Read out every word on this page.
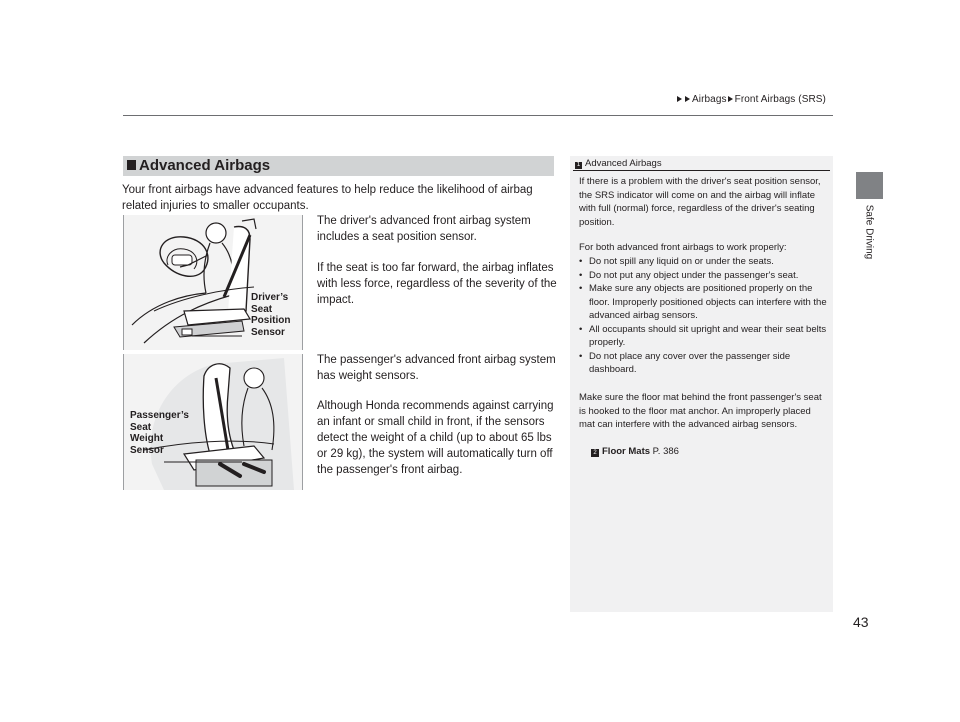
Airbags Front Airbags (SRS)
Safe Driving
Advanced Airbags

Your front airbags have advanced features to help reduce the likelihood of airbag related injuries to smaller occupants.

The driver's advanced front airbag system includes a seat position sensor.

If the seat is too far forward, the airbag inflates with less force, regardless of the severity of the impact.

The passenger's advanced front airbag system has weight sensors.

Although Honda recommends against carrying an infant or small child in front, if the sensors detect the weight of a child (up to about 65 lbs or 29 kg), the system will automatically turn off the passenger's front airbag.

Driver’s
Seat
Position
Sensor
Passenger’s
Seat
Weight
Sensor
1 Advanced Airbags

If there is a problem with the driver's seat position sensor, the SRS indicator will come on and the airbag will inflate with full (normal) force, regardless of the driver's seating position.

For both advanced front airbags to work properly:

• Do not spill any liquid on or under the seats.
• Do not put any object under the passenger's seat.
• Make sure any objects are positioned properly on the floor. Improperly positioned objects can interfere with the advanced airbag sensors.
• All occupants should sit upright and wear their seat belts properly.
• Do not place any cover over the passenger side dashboard.

Make sure the floor mat behind the front passenger's seat is hooked to the floor mat anchor. An improperly placed mat can interfere with the advanced airbag sensors.

2 Floor Mats P. 386
43
